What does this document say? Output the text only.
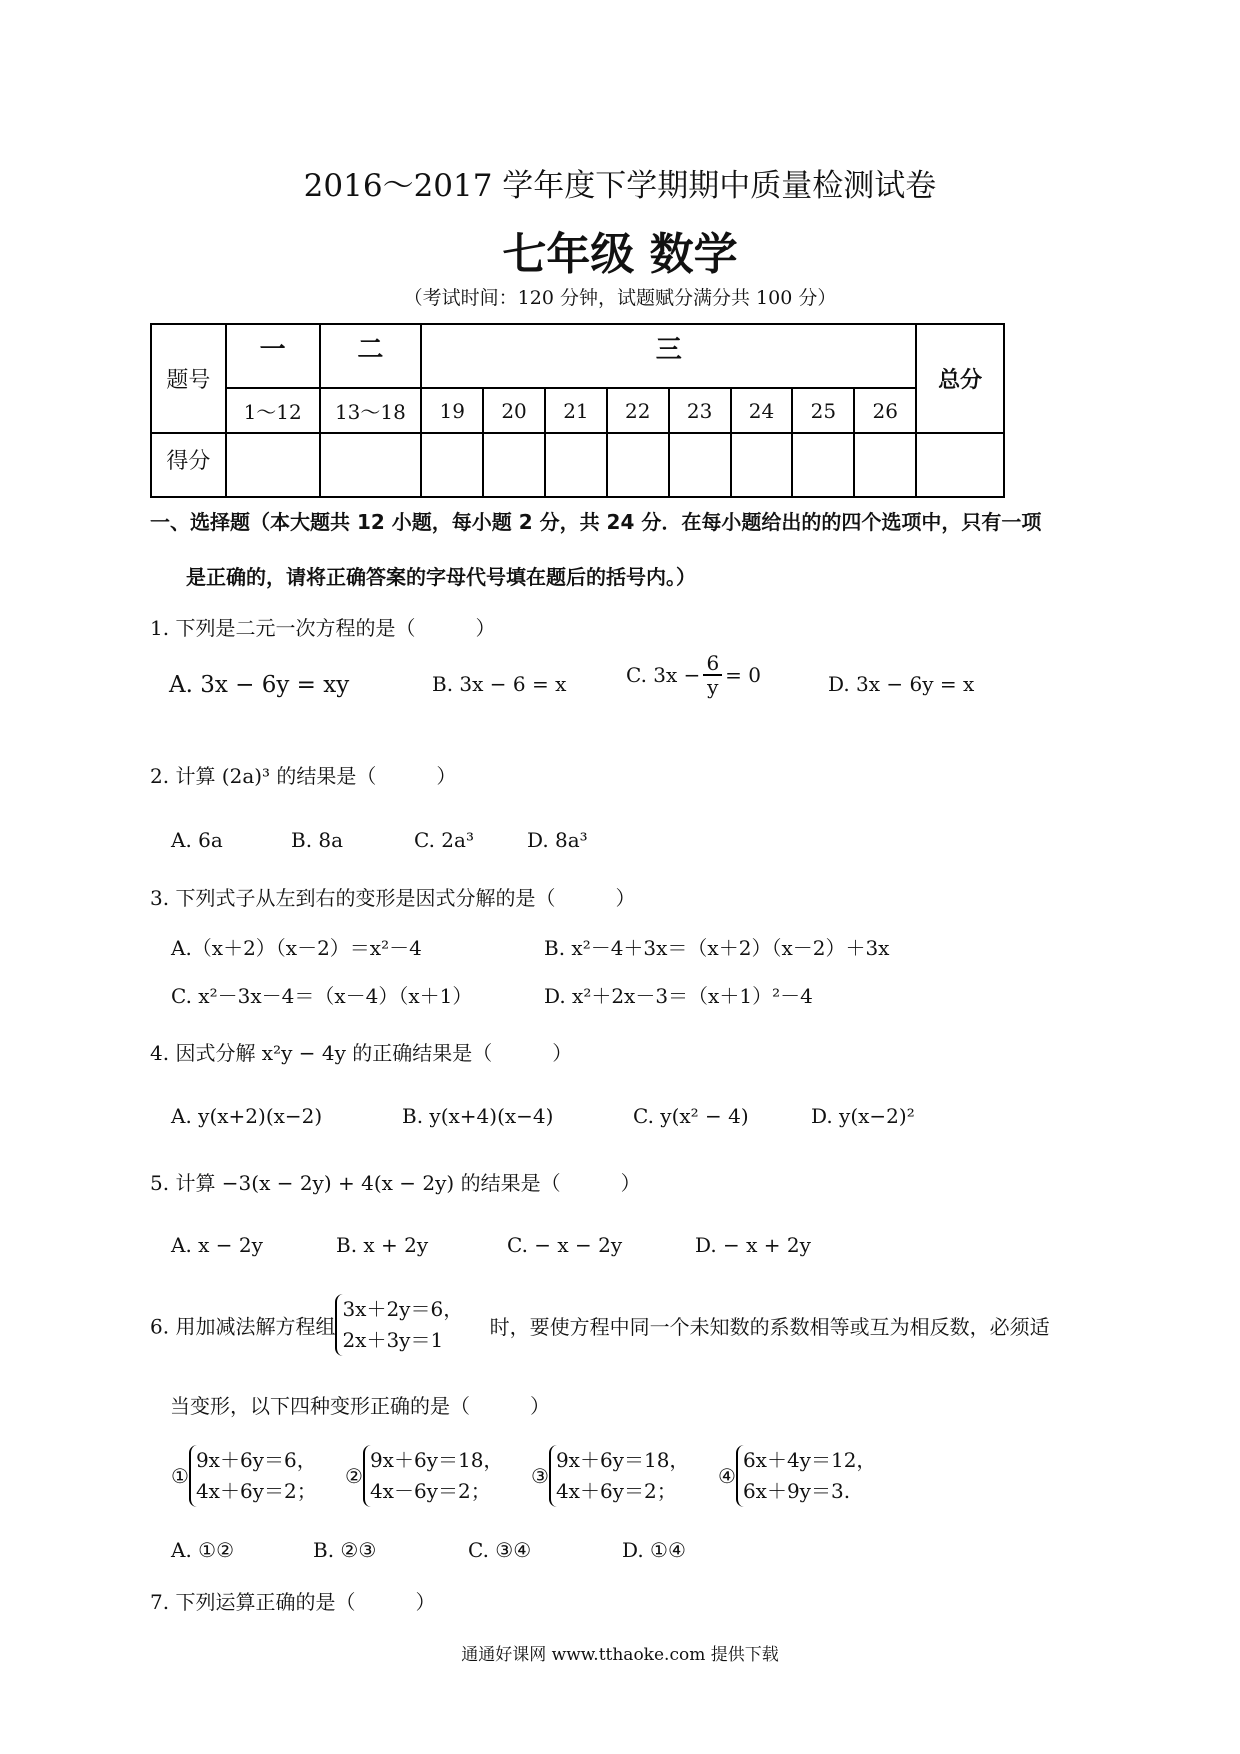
2016～2017 学年度下学期期中质量检测试卷
七年级 数学
（考试时间：120 分钟，试题赋分满分共 100 分）
题号	一	二	三								总分
	1～12	13～18	19	20	21	22	23	24	25	26	
得分											
一、选择题（本大题共 12 小题，每小题 2 分，共 24 分．在每小题给出的的四个选项中，只有一项
是正确的，请将正确答案的字母代号填在题后的括号内。）
1. 下列是二元一次方程的是（　　　）
A. 3x − 6y = xy	B. 3x − 6 = x	C. $3x - \frac{6}{y} = 0$	D. 3x − 6y = x
2. 计算 (2a)³ 的结果是（　　　）
A. 6a	B. 8a	C. 2a³	D. 8a³
3. 下列式子从左到右的变形是因式分解的是（　　　）
A.（x＋2）（x－2）＝x²－4	B. x²－4＋3x＝（x＋2）（x－2）＋3x
C. x²－3x－4＝（x－4）（x＋1）	D. x²＋2x－3＝（x＋1）²－4
4. 因式分解 x²y − 4y 的正确结果是（　　　）
A. y(x+2)(x−2)	B. y(x+4)(x−4)	C. y(x² − 4)	D. y(x−2)²
5. 计算 −3(x − 2y) + 4(x − 2y) 的结果是（　　　）
A. x − 2y	B. x + 2y	C. − x − 2y	D. − x + 2y
6. 用加减法解方程组
3x＋2y＝6，
2x＋3y＝1
时，要使方程中同一个未知数的系数相等或互为相反数，必须适
当变形，以下四种变形正确的是（　　　）
①
9x＋6y＝6，
4x＋6y＝2；
②
9x＋6y＝18，
4x－6y＝2；
③
9x＋6y＝18，
4x＋6y＝2；
④
6x＋4y＝12，
6x＋9y＝3.
A. ①②	B. ②③	C. ③④	D. ①④
7. 下列运算正确的是（　　　）
通通好课网 www.tthaoke.com 提供下载
